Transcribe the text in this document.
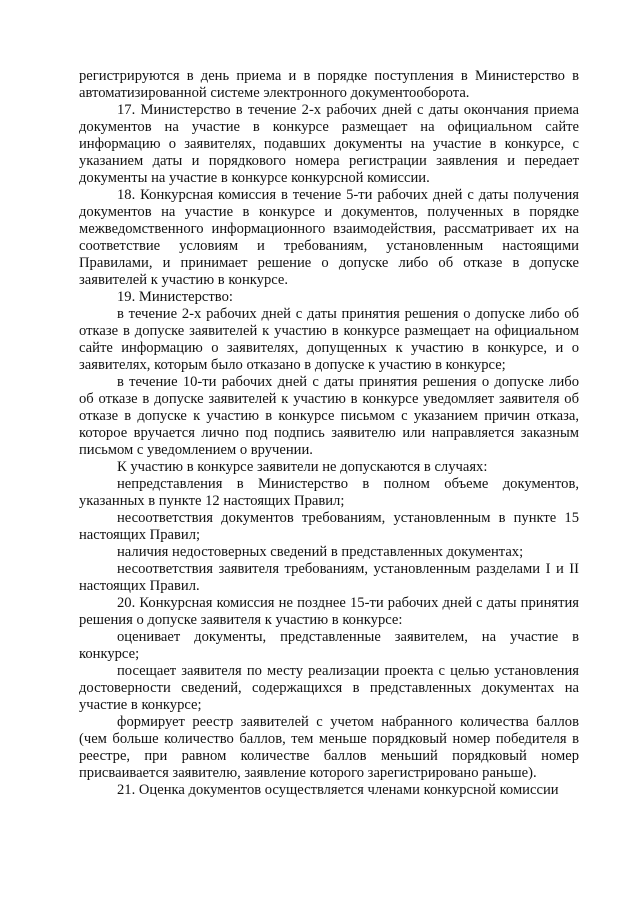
регистрируются в день приема и в порядке поступления в Министерство в автоматизированной системе электронного документооборота.

17. Министерство в течение 2-х рабочих дней с даты окончания приема документов на участие в конкурсе размещает на официальном сайте информацию о заявителях, подавших документы на участие в конкурсе, с указанием даты и порядкового номера регистрации заявления и передает документы на участие в конкурсе конкурсной комиссии.

18. Конкурсная комиссия в течение 5-ти рабочих дней с даты получения документов на участие в конкурсе и документов, полученных в порядке межведомственного информационного взаимодействия, рассматривает их на соответствие условиям и требованиям, установленным настоящими Правилами, и принимает решение о допуске либо об отказе в допуске заявителей к участию в конкурсе.

19. Министерство:

в течение 2-х рабочих дней с даты принятия решения о допуске либо об отказе в допуске заявителей к участию в конкурсе размещает на официальном сайте информацию о заявителях, допущенных к участию в конкурсе, и о заявителях, которым было отказано в допуске к участию в конкурсе;

в течение 10-ти рабочих дней с даты принятия решения о допуске либо об отказе в допуске заявителей к участию в конкурсе уведомляет заявителя об отказе в допуске к участию в конкурсе письмом с указанием причин отказа, которое вручается лично под подпись заявителю или направляется заказным письмом с уведомлением о вручении.

К участию в конкурсе заявители не допускаются в случаях:

непредставления в Министерство в полном объеме документов, указанных в пункте 12 настоящих Правил;

несоответствия документов требованиям, установленным в пункте 15 настоящих Правил;

наличия недостоверных сведений в представленных документах;

несоответствия заявителя требованиям, установленным разделами I и II настоящих Правил.

20. Конкурсная комиссия не позднее 15-ти рабочих дней с даты принятия решения о допуске заявителя к участию в конкурсе:

оценивает документы, представленные заявителем, на участие в конкурсе;

посещает заявителя по месту реализации проекта с целью установления достоверности сведений, содержащихся в представленных документах на участие в конкурсе;

формирует реестр заявителей с учетом набранного количества баллов (чем больше количество баллов, тем меньше порядковый номер победителя в реестре, при равном количестве баллов меньший порядковый номер присваивается заявителю, заявление которого зарегистрировано раньше).

21. Оценка документов осуществляется членами конкурсной комиссии
